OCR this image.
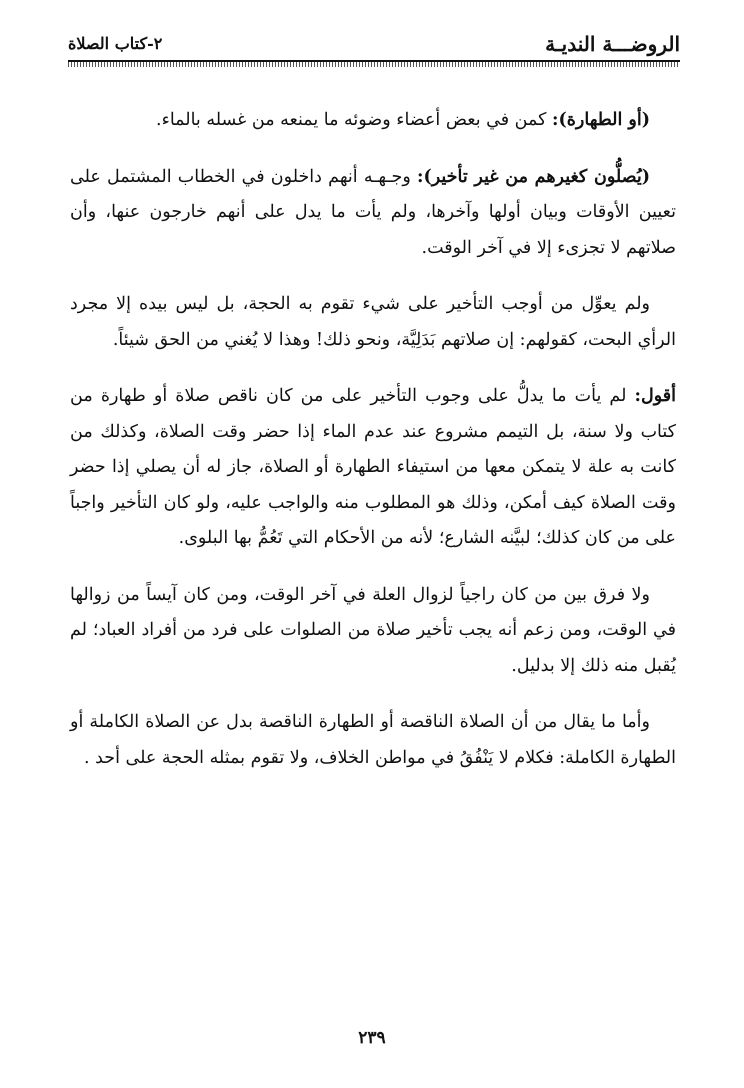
الروضـــة النديـة
٢-كتاب الصلاة

(أو الطهارة): كمن في بعض أعضاء وضوئه ما يمنعه من غسله بالماء.

(يُصلُّون كغيرهم من غير تأخير): وجـهـه أنهم داخلون في الخطاب المشتمل على تعيين الأوقات وبيان أولها وآخرها، ولم يأت ما يدل على أنهم خارجون عنها، وأن صلاتهم لا تجزىء إلا في آخر الوقت.

ولم يعوِّل من أوجب التأخير على شيء تقوم به الحجة، بل ليس بيده إلا مجرد الرأي البحت، كقولهم: إن صلاتهم بَدَلِيَّة، ونحو ذلك! وهذا لا يُغني من الحق شيئاً.

أقول: لم يأت ما يدلُّ على وجوب التأخير على من كان ناقص صلاة أو طهارة من كتاب ولا سنة، بل التيمم مشروع عند عدم الماء إذا حضر وقت الصلاة، وكذلك من كانت به علة لا يتمكن معها من استيفاء الطهارة أو الصلاة، جاز له أن يصلي إذا حضر وقت الصلاة كيف أمكن، وذلك هو المطلوب منه والواجب عليه، ولو كان التأخير واجباً على من كان كذلك؛ لبيَّنه الشارع؛ لأنه من الأحكام التي تَعُمُّ بها البلوى.

ولا فرق بين من كان راجياً لزوال العلة في آخر الوقت، ومن كان آيساً من زوالها في الوقت، ومن زعم أنه يجب تأخير صلاة من الصلوات على فرد من أفراد العباد؛ لم يُقبل منه ذلك إلا بدليل.

وأما ما يقال من أن الصلاة الناقصة أو الطهارة الناقصة بدل عن الصلاة الكاملة أو الطهارة الكاملة: فكلام لا يَنْفُقُ في مواطن الخلاف، ولا تقوم بمثله الحجة على أحد .

٢٣٩
